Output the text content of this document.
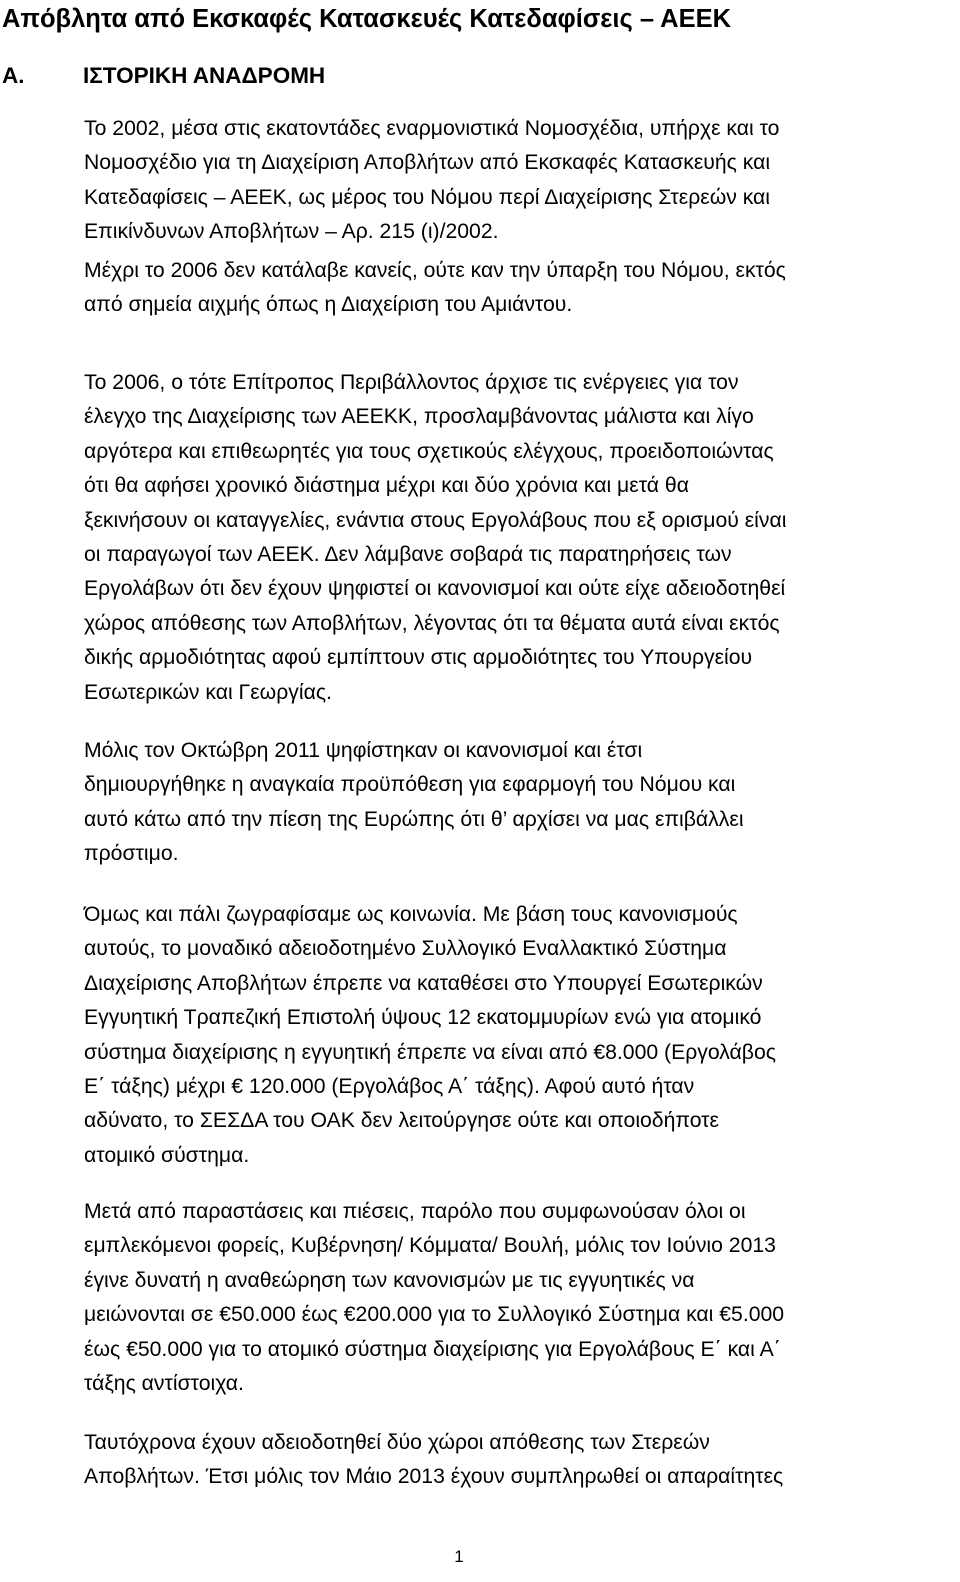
Απόβλητα από Εκσκαφές Κατασκευές Κατεδαφίσεις – ΑΕΕΚ
Α.	ΙΣΤΟΡΙΚΗ ΑΝΑΔΡΟΜΗ

Το 2002, μέσα στις εκατοντάδες εναρμονιστικά Νομοσχέδια, υπήρχε και το
Νομοσχέδιο για τη Διαχείριση Αποβλήτων από Εκσκαφές Κατασκευής και
Κατεδαφίσεις – ΑΕΕΚ, ως μέρος του Νόμου περί Διαχείρισης Στερεών και
Επικίνδυνων Αποβλήτων – Αρ. 215 (ι)/2002.

Μέχρι το 2006 δεν κατάλαβε κανείς, ούτε καν την ύπαρξη του Νόμου, εκτός
από σημεία αιχμής όπως η Διαχείριση του Αμιάντου.

Το 2006, ο τότε Επίτροπος Περιβάλλοντος άρχισε τις ενέργειες για τον
έλεγχο της Διαχείρισης των ΑΕΕΚΚ, προσλαμβάνοντας μάλιστα και λίγο
αργότερα και επιθεωρητές για τους σχετικούς ελέγχους, προειδοποιώντας
ότι θα αφήσει χρονικό διάστημα μέχρι και δύο χρόνια και μετά θα
ξεκινήσουν οι καταγγελίες, ενάντια στους Εργολάβους που εξ ορισμού είναι
οι παραγωγοί των ΑΕΕΚ. Δεν λάμβανε σοβαρά τις παρατηρήσεις των
Εργολάβων ότι δεν έχουν ψηφιστεί οι κανονισμοί και ούτε είχε αδειοδοτηθεί
χώρος απόθεσης των Αποβλήτων, λέγοντας ότι τα θέματα αυτά είναι εκτός
δικής αρμοδιότητας αφού εμπίπτουν στις αρμοδιότητες του Υπουργείου
Εσωτερικών και Γεωργίας.

Μόλις τον Οκτώβρη 2011 ψηφίστηκαν οι κανονισμοί και έτσι
δημιουργήθηκε η αναγκαία προϋπόθεση για εφαρμογή του Νόμου και
αυτό κάτω από την πίεση της Ευρώπης ότι θ’ αρχίσει να μας επιβάλλει
πρόστιμο.

Όμως και πάλι ζωγραφίσαμε ως κοινωνία. Με βάση τους κανονισμούς
αυτούς, το μοναδικό αδειοδοτημένο Συλλογικό Εναλλακτικό Σύστημα
Διαχείρισης Αποβλήτων έπρεπε να καταθέσει στο Υπουργεί Εσωτερικών
Εγγυητική Τραπεζική Επιστολή ύψους 12 εκατομμυρίων ενώ για ατομικό
σύστημα διαχείρισης η εγγυητική έπρεπε να είναι από €8.000 (Εργολάβος
Ε΄ τάξης) μέχρι € 120.000 (Εργολάβος Α΄ τάξης). Αφού αυτό ήταν
αδύνατο, το ΣΕΣΔΑ του ΟΑΚ δεν λειτούργησε ούτε και οποιοδήποτε
ατομικό σύστημα.

Μετά από παραστάσεις και πιέσεις, παρόλο που συμφωνούσαν όλοι οι
εμπλεκόμενοι φορείς, Κυβέρνηση/ Κόμματα/ Βουλή, μόλις τον Ιούνιο 2013
έγινε δυνατή η αναθεώρηση των κανονισμών με τις εγγυητικές να
μειώνονται σε €50.000 έως €200.000 για το Συλλογικό Σύστημα και €5.000
έως €50.000 για το ατομικό σύστημα διαχείρισης για Εργολάβους Ε΄ και Α΄
τάξης αντίστοιχα.

Ταυτόχρονα έχουν αδειοδοτηθεί δύο χώροι απόθεσης των Στερεών
Αποβλήτων. Έτσι μόλις τον Μάιο 2013 έχουν συμπληρωθεί οι απαραίτητες

1
